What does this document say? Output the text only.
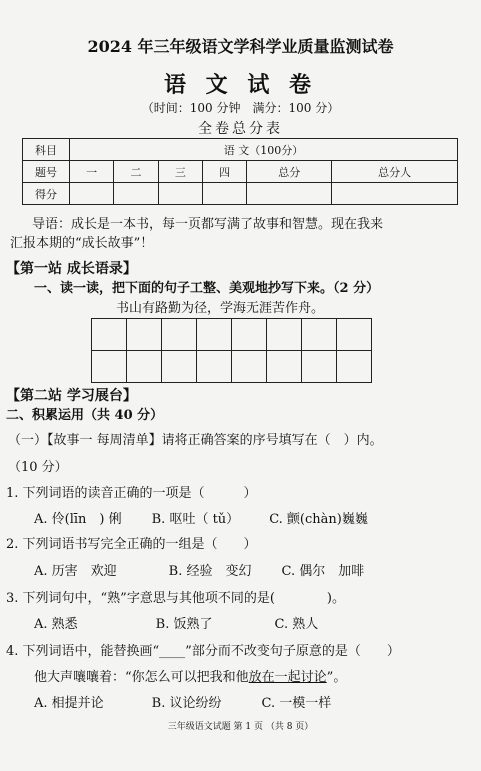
2024 年三年级语文学科学业质量监测试卷
语 文 试 卷
（时间：100 分钟　满分：100 分）
全卷总分表
科目	语 文（100分）					
题号	一	二	三	四	总分	总分人
得分						
导语：成长是一本书，每一页都写满了故事和智慧。现在我来
汇报本期的“成长故事”！
【第一站 成长语录】
一、读一读，把下面的句子工整、美观地抄写下来。（2 分）
书山有路勤为径，学海无涯苦作舟。

【第二站 学习展台】
二、积累运用（共 40 分）
（一）【故事一 每周清单】请将正确答案的序号填写在（　）内。
（10 分）
1. 下列词语的读音正确的一项是（　　　）
A. 伶(līn　) 俐 B. 呕吐（ tǔ） C. 颤(chàn)巍巍
2. 下列词语书写完全正确的一组是（　　）
A. 历害　欢迎	B. 经验　变幻 C. 偶尔　加啡
3. 下列词句中，“熟”字意思与其他项不同的是(　　　　)。
A. 熟悉	B. 饭熟了	C. 熟人
4. 下列词语中，能替换画“____”部分而不改变句子原意的是（　　）
他大声嚷嚷着：“你怎么可以把我和他放在一起讨论”。
A. 相提并论	B. 议论纷纷	C. 一模一样
三年级语文试题 第 1 页 （共 8 页）
